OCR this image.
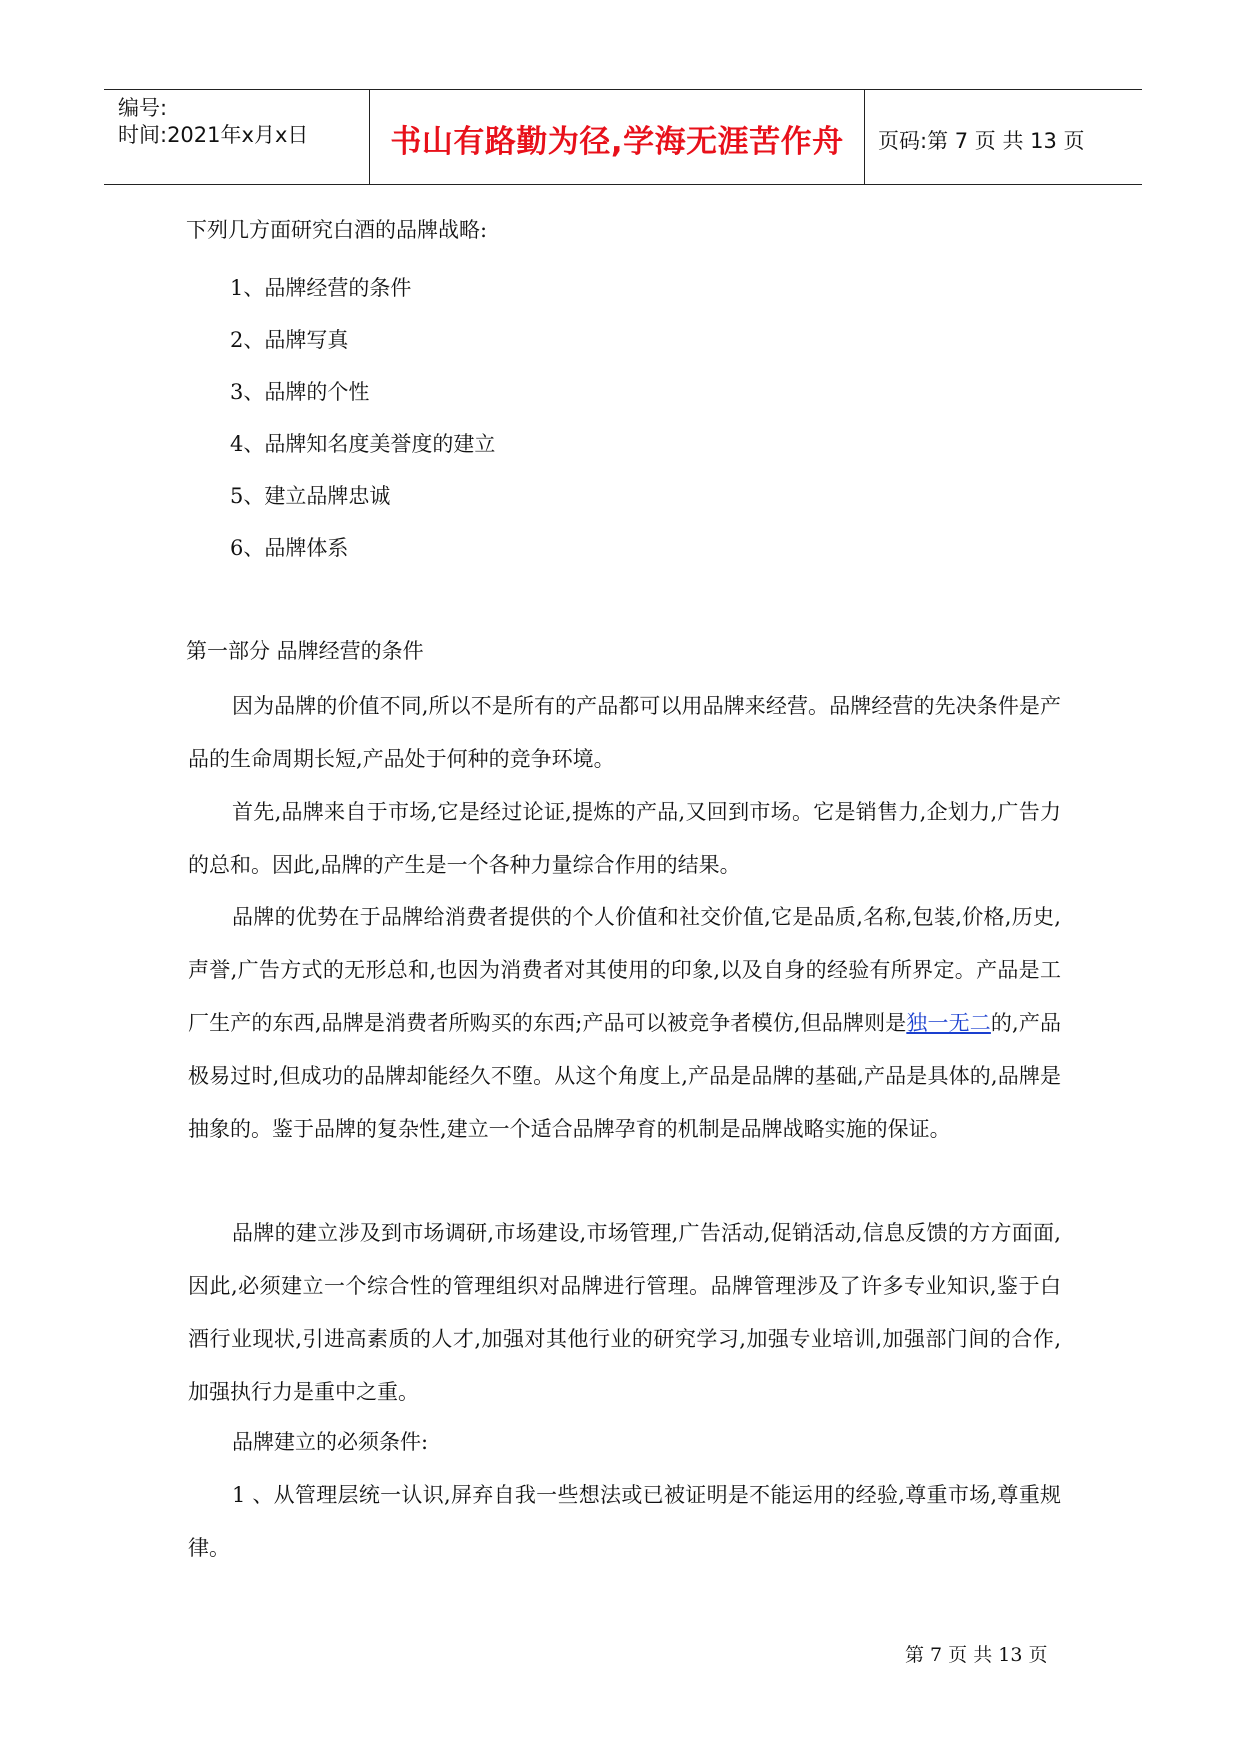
编号:
时间:2021年x月x日	书山有路勤为径,学海无涯苦作舟	页码:第 7 页 共 13 页
下列几方面研究白酒的品牌战略:
1、品牌经营的条件
2、品牌写真
3、品牌的个性
4、品牌知名度美誉度的建立
5、建立品牌忠诚
6、品牌体系
第一部分 品牌经营的条件
因为品牌的价值不同,所以不是所有的产品都可以用品牌来经营。品牌经营的先决条件是产品的生命周期长短,产品处于何种的竞争环境。
首先,品牌来自于市场,它是经过论证,提炼的产品,又回到市场。它是销售力,企划力,广告力的总和。因此,品牌的产生是一个各种力量综合作用的结果。
品牌的优势在于品牌给消费者提供的个人价值和社交价值,它是品质,名称,包装,价格,历史,声誉,广告方式的无形总和,也因为消费者对其使用的印象,以及自身的经验有所界定。产品是工厂生产的东西,品牌是消费者所购买的东西;产品可以被竞争者模仿,但品牌则是独一无二的,产品极易过时,但成功的品牌却能经久不堕。从这个角度上,产品是品牌的基础,产品是具体的,品牌是抽象的。鉴于品牌的复杂性,建立一个适合品牌孕育的机制是品牌战略实施的保证。
品牌的建立涉及到市场调研,市场建设,市场管理,广告活动,促销活动,信息反馈的方方面面,因此,必须建立一个综合性的管理组织对品牌进行管理。品牌管理涉及了许多专业知识,鉴于白酒行业现状,引进高素质的人才,加强对其他行业的研究学习,加强专业培训,加强部门间的合作,加强执行力是重中之重。
品牌建立的必须条件:
1 、从管理层统一认识,屏弃自我一些想法或已被证明是不能运用的经验,尊重市场,尊重规律。
第 7 页 共 13 页
